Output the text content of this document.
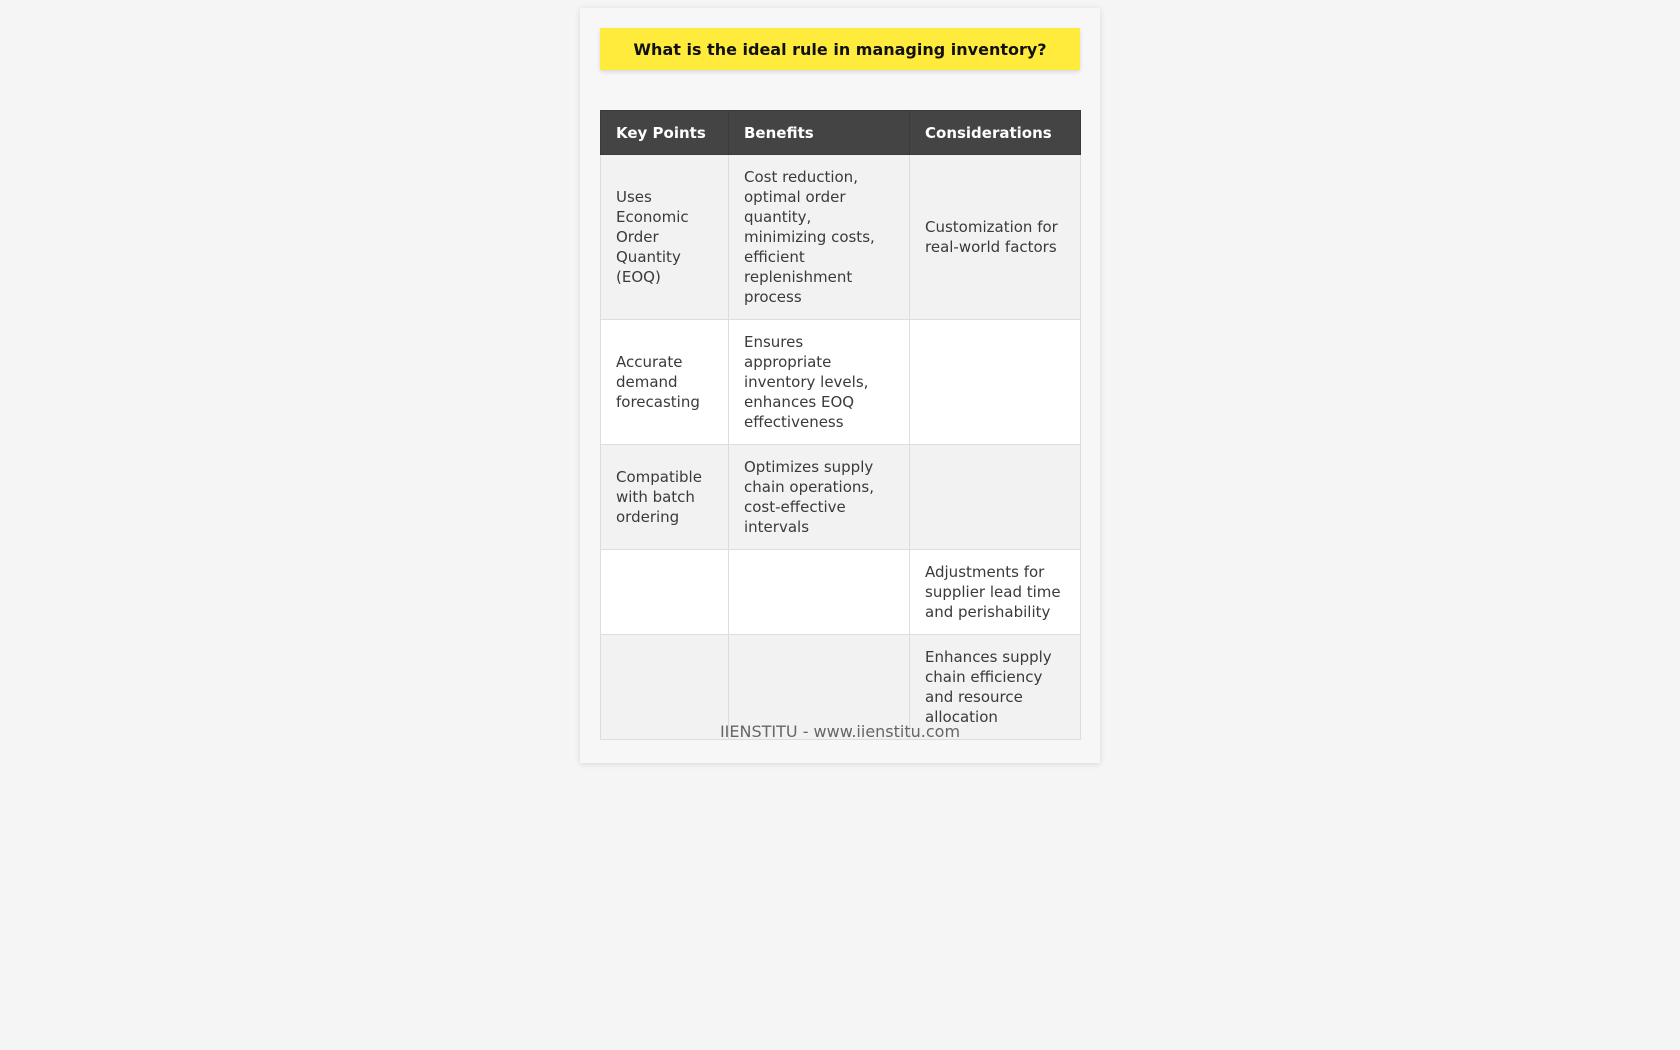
What is the ideal rule in managing inventory?
Key Points	Benefits	Considerations
Uses Economic Order Quantity (EOQ)	Cost reduction, optimal order quantity, minimizing costs, efficient replenishment process	Customization for real-world factors
Accurate demand forecasting	Ensures appropriate inventory levels, enhances EOQ effectiveness	
Compatible with batch ordering	Optimizes supply chain operations, cost-effective intervals	
		Adjustments for supplier lead time and perishability
		Enhances supply chain efficiency and resource allocation
IIENSTITU - www.iienstitu.com
